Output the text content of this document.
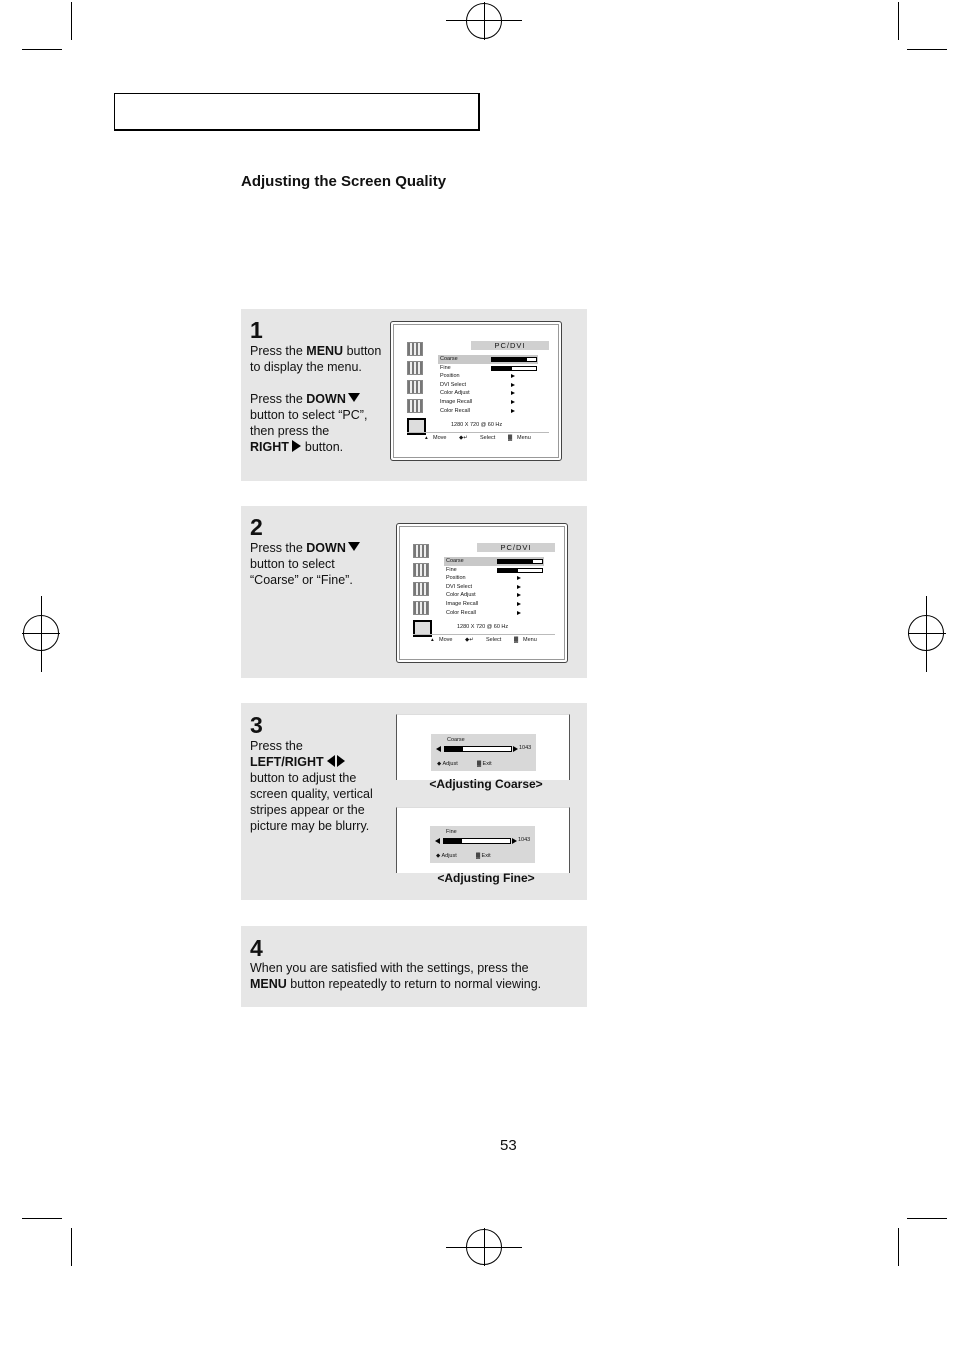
Adjusting the Screen Quality
1
Press the MENU button
to display the menu.
Press the DOWN
button to select “PC”,
then press the
RIGHT button.
PC/DVI
Coarse
Fine
Position
DVI Select
Color Adjust
Image Recall
Color Recall
1280 X 720 @ 60 Hz
▴ Move ◆↵ Select ▓ Menu
2
Press the DOWN
button to select
“Coarse” or “Fine”.
PC/DVI
Coarse
Fine
Position
DVI Select
Color Adjust
Image Recall
Color Recall
1280 X 720 @ 60 Hz
▴ Move ◆↵ Select ▓ Menu
3
Press the
LEFT/RIGHT
button to adjust the
screen quality, vertical
stripes appear or the
picture may be blurry.
Coarse
1043
◆ Adjust	▓ Exit
<Adjusting Coarse>
Fine
1043
◆ Adjust	▓ Exit
<Adjusting Fine>
4
When you are satisfied with the settings, press the
MENU button repeatedly to return to normal viewing.
53
